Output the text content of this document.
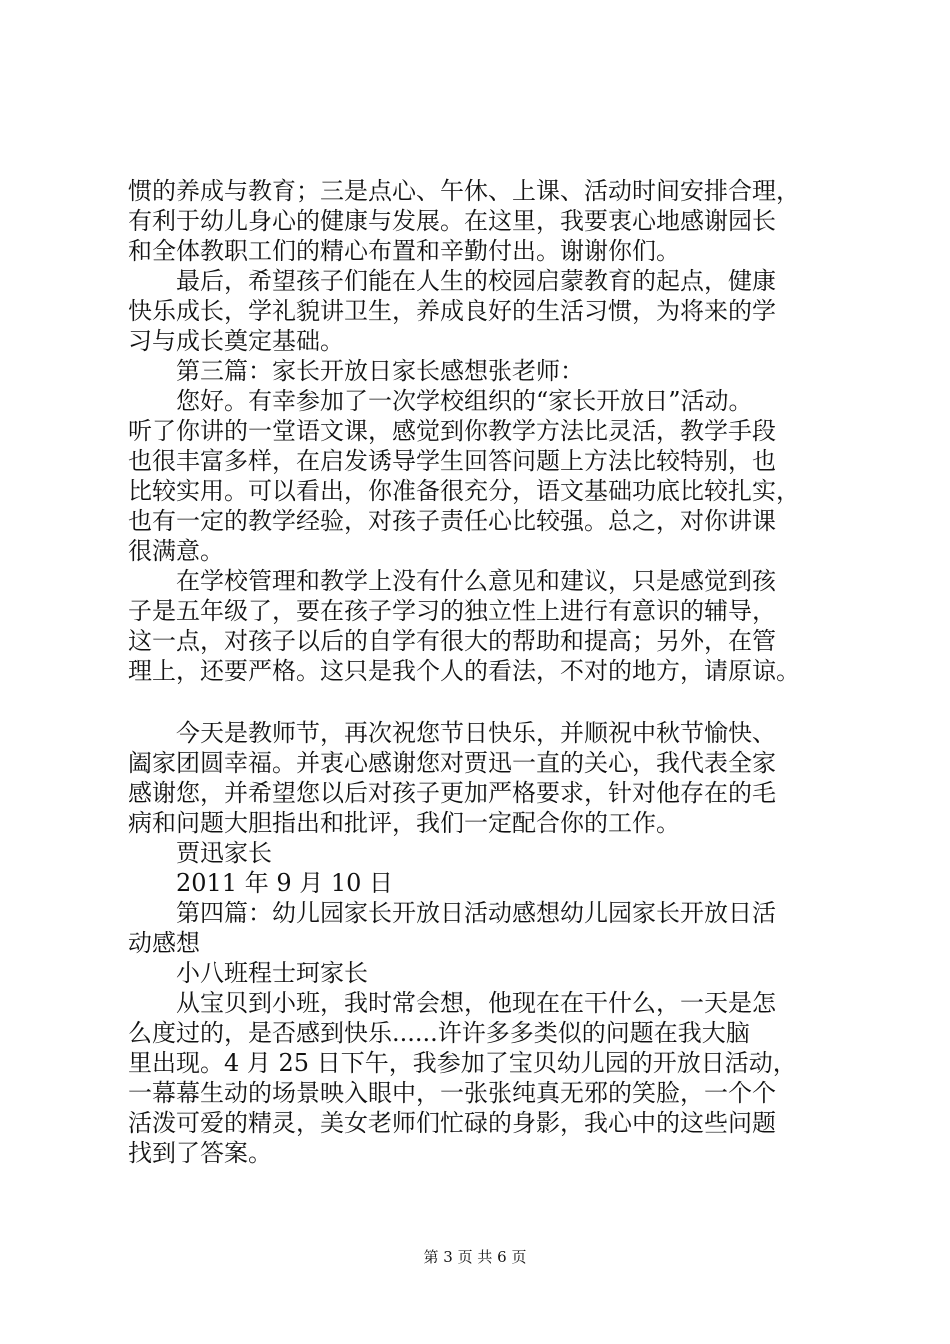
惯的养成与教育；三是点心、午休、上课、活动时间安排合理，

有利于幼儿身心的健康与发展。在这里，我要衷心地感谢园长

和全体教职工们的精心布置和辛勤付出。谢谢你们。

　　最后，希望孩子们能在人生的校园启蒙教育的起点，健康

快乐成长，学礼貌讲卫生，养成良好的生活习惯，为将来的学

习与成长奠定基础。

　　第三篇：家长开放日家长感想张老师：

　　您好。有幸参加了一次学校组织的“家长开放日”活动。

听了你讲的一堂语文课，感觉到你教学方法比灵活，教学手段

也很丰富多样，在启发诱导学生回答问题上方法比较特别，也

比较实用。可以看出，你准备很充分，语文基础功底比较扎实，

也有一定的教学经验，对孩子责任心比较强。总之，对你讲课

很满意。

　　在学校管理和教学上没有什么意见和建议，只是感觉到孩

子是五年级了，要在孩子学习的独立性上进行有意识的辅导，

这一点，对孩子以后的自学有很大的帮助和提高；另外，在管

理上，还要严格。这只是我个人的看法，不对的地方，请原谅。

　　今天是教师节，再次祝您节日快乐，并顺祝中秋节愉快、

阖家团圆幸福。并衷心感谢您对贾迅一直的关心，我代表全家

感谢您，并希望您以后对孩子更加严格要求，针对他存在的毛

病和问题大胆指出和批评，我们一定配合你的工作。

　　贾迅家长

　　2011 年 9 月 10 日

　　第四篇：幼儿园家长开放日活动感想幼儿园家长开放日活

动感想

　　小八班程士珂家长

　　从宝贝到小班，我时常会想，他现在在干什么，一天是怎

么度过的，是否感到快乐......许许多多类似的问题在我大脑

里出现。4 月 25 日下午，我参加了宝贝幼儿园的开放日活动，

一幕幕生动的场景映入眼中，一张张纯真无邪的笑脸，一个个

活泼可爱的精灵，美女老师们忙碌的身影，我心中的这些问题

找到了答案。

第 3 页 共 6 页
